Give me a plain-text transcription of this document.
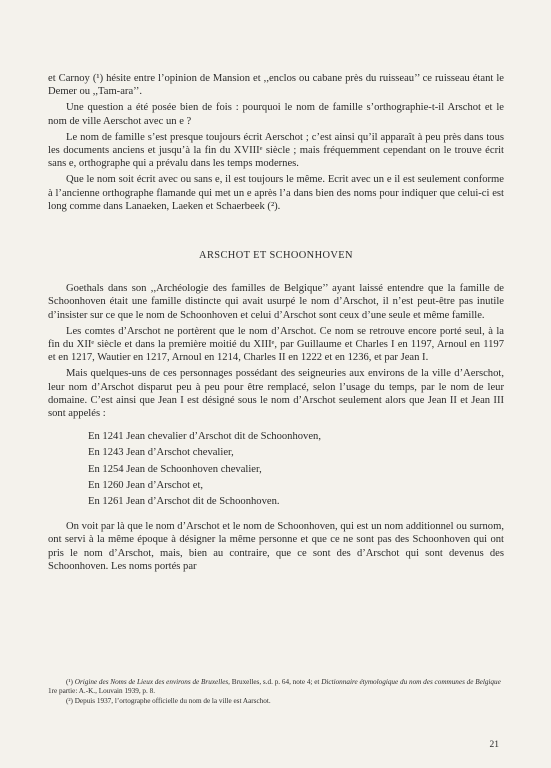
et Carnoy (¹) hésite entre l’opinion de Mansion et ,,enclos ou cabane près du ruisseau’’ ce ruisseau étant le Demer ou ,,Tam-ara’’.

Une question a été posée bien de fois : pourquoi le nom de famille s’orthographie-t-il Arschot et le nom de ville Aerschot avec un e ?

Le nom de famille s’est presque toujours écrit Aerschot ; c’est ainsi qu’il apparaît à peu près dans tous les documents anciens et jusqu’à la fin du XVIIIᵉ siècle ; mais fréquemment cependant on le trouve écrit sans e, orthographe qui a prévalu dans les temps modernes.

Que le nom soit écrit avec ou sans e, il est toujours le même. Ecrit avec un e il est seulement conforme à l’ancienne orthographe flamande qui met un e après l’a dans bien des noms pour indiquer que celui-ci est long comme dans Lanaeken, Laeken et Schaerbeek (²).

ARSCHOT ET SCHOONHOVEN

Goethals dans son ,,Archéologie des familles de Belgique’’ ayant laissé entendre que la famille de Schoonhoven était une famille distincte qui avait usurpé le nom d’Arschot, il n’est peut-être pas inutile d’insister sur ce que le nom de Schoonhoven et celui d’Arschot sont ceux d’une seule et même famille.

Les comtes d’Arschot ne portèrent que le nom d’Arschot. Ce nom se retrouve encore porté seul, à la fin du XIIᵉ siècle et dans la première moitié du XIIIᵉ, par Guillaume et Charles I en 1197, Arnoul en 1197 et en 1217, Wautier en 1217, Arnoul en 1214, Charles II en 1222 et en 1236, et par Jean I.

Mais quelques-uns de ces personnages possédant des seigneuries aux environs de la ville d’Aerschot, leur nom d’Arschot disparut peu à peu pour être remplacé, selon l’usage du temps, par le nom de leur domaine. C’est ainsi que Jean I est désigné sous le nom d’Arschot seulement alors que Jean II et Jean III sont appelés :

En 1241 Jean chevalier d’Arschot dit de Schoonhoven,
En 1243 Jean d’Arschot chevalier,
En 1254 Jean de Schoonhoven chevalier,
En 1260 Jean d’Arschot et,
En 1261 Jean d’Arschot dit de Schoonhoven.

On voit par là que le nom d’Arschot et le nom de Schoonhoven, qui est un nom additionnel ou surnom, ont servi à la même époque à désigner la même personne et que ce ne sont pas des Schoonhoven qui ont pris le nom d’Arschot, mais, bien au contraire, que ce sont des d’Arschot qui sont devenus des Schoonhoven. Les noms portés par

(¹) Origine des Noms de Lieux des environs de Bruxelles, Bruxelles, s.d. p. 64, note 4; et Dictionnaire étymologique du nom des communes de Belgique 1re partie: A.-K., Louvain 1939, p. 8.

(²) Depuis 1937, l’ortographe officielle du nom de la ville est Aarschot.

21
